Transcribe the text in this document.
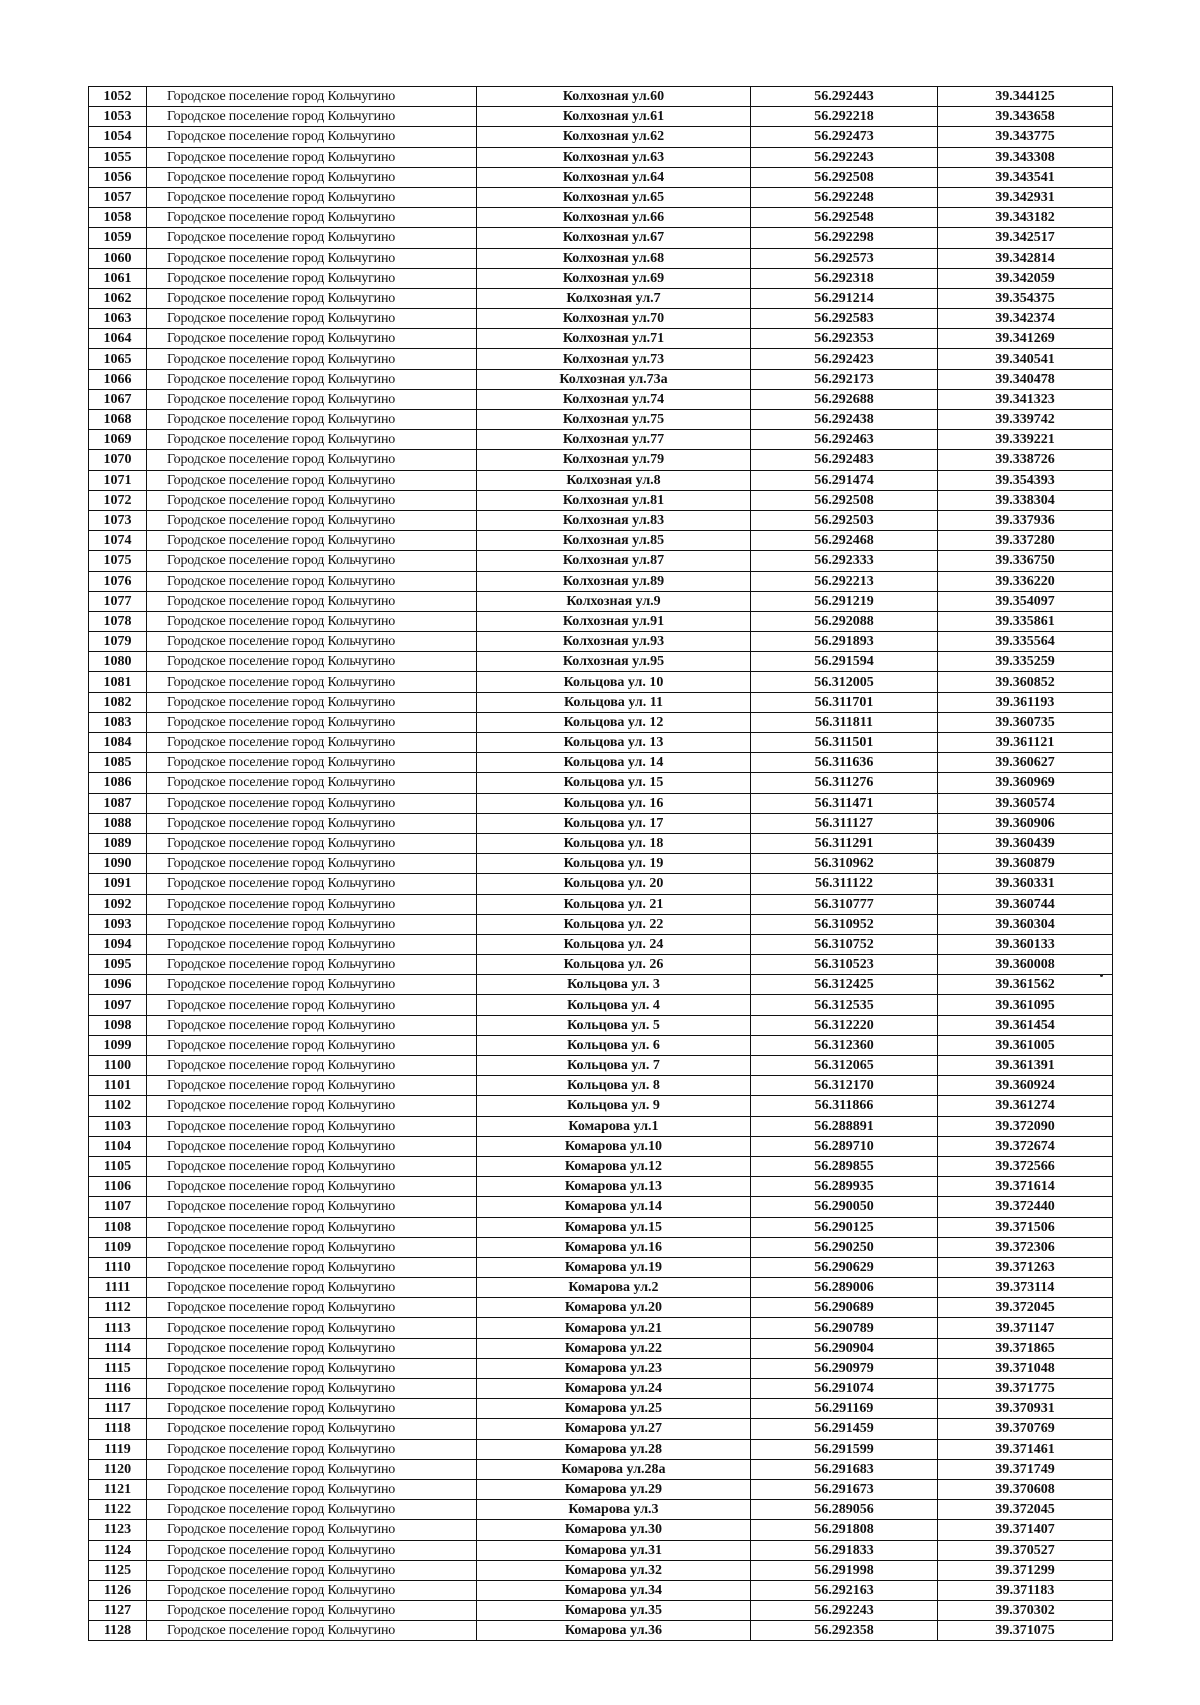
1052	Городское поселение город Кольчугино	Колхозная ул.60	56.292443	39.344125
1053	Городское поселение город Кольчугино	Колхозная ул.61	56.292218	39.343658
1054	Городское поселение город Кольчугино	Колхозная ул.62	56.292473	39.343775
1055	Городское поселение город Кольчугино	Колхозная ул.63	56.292243	39.343308
1056	Городское поселение город Кольчугино	Колхозная ул.64	56.292508	39.343541
1057	Городское поселение город Кольчугино	Колхозная ул.65	56.292248	39.342931
1058	Городское поселение город Кольчугино	Колхозная ул.66	56.292548	39.343182
1059	Городское поселение город Кольчугино	Колхозная ул.67	56.292298	39.342517
1060	Городское поселение город Кольчугино	Колхозная ул.68	56.292573	39.342814
1061	Городское поселение город Кольчугино	Колхозная ул.69	56.292318	39.342059
1062	Городское поселение город Кольчугино	Колхозная ул.7	56.291214	39.354375
1063	Городское поселение город Кольчугино	Колхозная ул.70	56.292583	39.342374
1064	Городское поселение город Кольчугино	Колхозная ул.71	56.292353	39.341269
1065	Городское поселение город Кольчугино	Колхозная ул.73	56.292423	39.340541
1066	Городское поселение город Кольчугино	Колхозная ул.73а	56.292173	39.340478
1067	Городское поселение город Кольчугино	Колхозная ул.74	56.292688	39.341323
1068	Городское поселение город Кольчугино	Колхозная ул.75	56.292438	39.339742
1069	Городское поселение город Кольчугино	Колхозная ул.77	56.292463	39.339221
1070	Городское поселение город Кольчугино	Колхозная ул.79	56.292483	39.338726
1071	Городское поселение город Кольчугино	Колхозная ул.8	56.291474	39.354393
1072	Городское поселение город Кольчугино	Колхозная ул.81	56.292508	39.338304
1073	Городское поселение город Кольчугино	Колхозная ул.83	56.292503	39.337936
1074	Городское поселение город Кольчугино	Колхозная ул.85	56.292468	39.337280
1075	Городское поселение город Кольчугино	Колхозная ул.87	56.292333	39.336750
1076	Городское поселение город Кольчугино	Колхозная ул.89	56.292213	39.336220
1077	Городское поселение город Кольчугино	Колхозная ул.9	56.291219	39.354097
1078	Городское поселение город Кольчугино	Колхозная ул.91	56.292088	39.335861
1079	Городское поселение город Кольчугино	Колхозная ул.93	56.291893	39.335564
1080	Городское поселение город Кольчугино	Колхозная ул.95	56.291594	39.335259
1081	Городское поселение город Кольчугино	Кольцова ул. 10	56.312005	39.360852
1082	Городское поселение город Кольчугино	Кольцова ул. 11	56.311701	39.361193
1083	Городское поселение город Кольчугино	Кольцова ул. 12	56.311811	39.360735
1084	Городское поселение город Кольчугино	Кольцова ул. 13	56.311501	39.361121
1085	Городское поселение город Кольчугино	Кольцова ул. 14	56.311636	39.360627
1086	Городское поселение город Кольчугино	Кольцова ул. 15	56.311276	39.360969
1087	Городское поселение город Кольчугино	Кольцова ул. 16	56.311471	39.360574
1088	Городское поселение город Кольчугино	Кольцова ул. 17	56.311127	39.360906
1089	Городское поселение город Кольчугино	Кольцова ул. 18	56.311291	39.360439
1090	Городское поселение город Кольчугино	Кольцова ул. 19	56.310962	39.360879
1091	Городское поселение город Кольчугино	Кольцова ул. 20	56.311122	39.360331
1092	Городское поселение город Кольчугино	Кольцова ул. 21	56.310777	39.360744
1093	Городское поселение город Кольчугино	Кольцова ул. 22	56.310952	39.360304
1094	Городское поселение город Кольчугино	Кольцова ул. 24	56.310752	39.360133
1095	Городское поселение город Кольчугино	Кольцова ул. 26	56.310523	39.360008
1096	Городское поселение город Кольчугино	Кольцова ул. 3	56.312425	39.361562
1097	Городское поселение город Кольчугино	Кольцова ул. 4	56.312535	39.361095
1098	Городское поселение город Кольчугино	Кольцова ул. 5	56.312220	39.361454
1099	Городское поселение город Кольчугино	Кольцова ул. 6	56.312360	39.361005
1100	Городское поселение город Кольчугино	Кольцова ул. 7	56.312065	39.361391
1101	Городское поселение город Кольчугино	Кольцова ул. 8	56.312170	39.360924
1102	Городское поселение город Кольчугино	Кольцова ул. 9	56.311866	39.361274
1103	Городское поселение город Кольчугино	Комарова ул.1	56.288891	39.372090
1104	Городское поселение город Кольчугино	Комарова ул.10	56.289710	39.372674
1105	Городское поселение город Кольчугино	Комарова ул.12	56.289855	39.372566
1106	Городское поселение город Кольчугино	Комарова ул.13	56.289935	39.371614
1107	Городское поселение город Кольчугино	Комарова ул.14	56.290050	39.372440
1108	Городское поселение город Кольчугино	Комарова ул.15	56.290125	39.371506
1109	Городское поселение город Кольчугино	Комарова ул.16	56.290250	39.372306
1110	Городское поселение город Кольчугино	Комарова ул.19	56.290629	39.371263
1111	Городское поселение город Кольчугино	Комарова ул.2	56.289006	39.373114
1112	Городское поселение город Кольчугино	Комарова ул.20	56.290689	39.372045
1113	Городское поселение город Кольчугино	Комарова ул.21	56.290789	39.371147
1114	Городское поселение город Кольчугино	Комарова ул.22	56.290904	39.371865
1115	Городское поселение город Кольчугино	Комарова ул.23	56.290979	39.371048
1116	Городское поселение город Кольчугино	Комарова ул.24	56.291074	39.371775
1117	Городское поселение город Кольчугино	Комарова ул.25	56.291169	39.370931
1118	Городское поселение город Кольчугино	Комарова ул.27	56.291459	39.370769
1119	Городское поселение город Кольчугино	Комарова ул.28	56.291599	39.371461
1120	Городское поселение город Кольчугино	Комарова ул.28а	56.291683	39.371749
1121	Городское поселение город Кольчугино	Комарова ул.29	56.291673	39.370608
1122	Городское поселение город Кольчугино	Комарова ул.3	56.289056	39.372045
1123	Городское поселение город Кольчугино	Комарова ул.30	56.291808	39.371407
1124	Городское поселение город Кольчугино	Комарова ул.31	56.291833	39.370527
1125	Городское поселение город Кольчугино	Комарова ул.32	56.291998	39.371299
1126	Городское поселение город Кольчугино	Комарова ул.34	56.292163	39.371183
1127	Городское поселение город Кольчугино	Комарова ул.35	56.292243	39.370302
1128	Городское поселение город Кольчугино	Комарова ул.36	56.292358	39.371075
